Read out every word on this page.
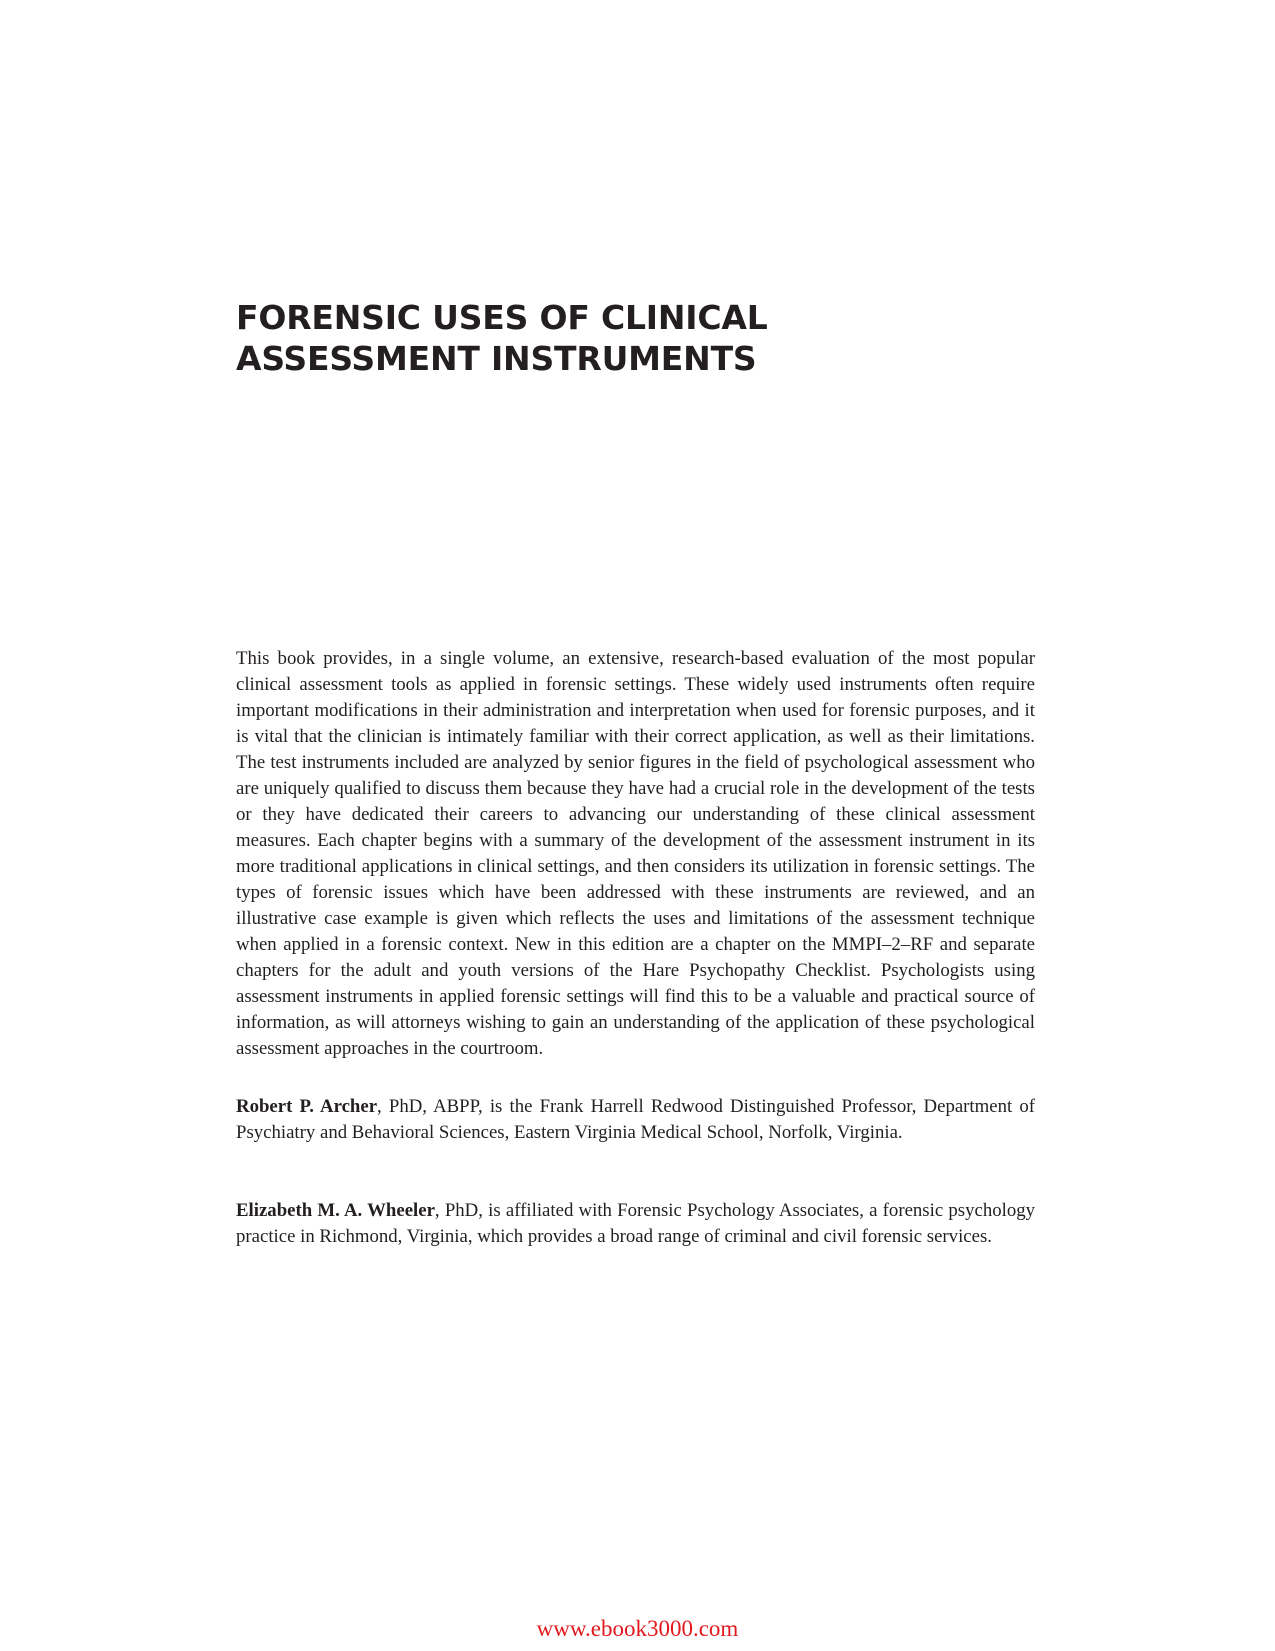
FORENSIC USES OF CLINICAL
ASSESSMENT INSTRUMENTS

This book provides, in a single volume, an extensive, research-based evaluation of the most popular clinical assessment tools as applied in forensic settings. These widely used instruments often require important modifications in their administration and interpretation when used for forensic purposes, and it is vital that the clinician is intimately familiar with their correct application, as well as their limitations. The test instruments included are analyzed by senior figures in the field of psychological assessment who are uniquely qualified to discuss them because they have had a crucial role in the development of the tests or they have dedicated their careers to advancing our understanding of these clinical assessment measures. Each chapter begins with a summary of the development of the assessment instrument in its more traditional applications in clinical settings, and then considers its utilization in forensic settings. The types of forensic issues which have been addressed with these instruments are reviewed, and an illustrative case example is given which reflects the uses and limitations of the assessment technique when applied in a forensic context. New in this edition are a chapter on the MMPI–2–RF and separate chapters for the adult and youth versions of the Hare Psychopathy Checklist. Psychologists using assessment instruments in applied forensic settings will find this to be a valuable and practical source of information, as will attorneys wishing to gain an understanding of the application of these psychological assessment approaches in the courtroom.

Robert P. Archer, PhD, ABPP, is the Frank Harrell Redwood Distinguished Professor, Department of Psychiatry and Behavioral Sciences, Eastern Virginia Medical School, Norfolk, Virginia.

Elizabeth M. A. Wheeler, PhD, is affiliated with Forensic Psychology Associates, a forensic psychology practice in Richmond, Virginia, which provides a broad range of criminal and civil forensic services.

www.ebook3000.com
